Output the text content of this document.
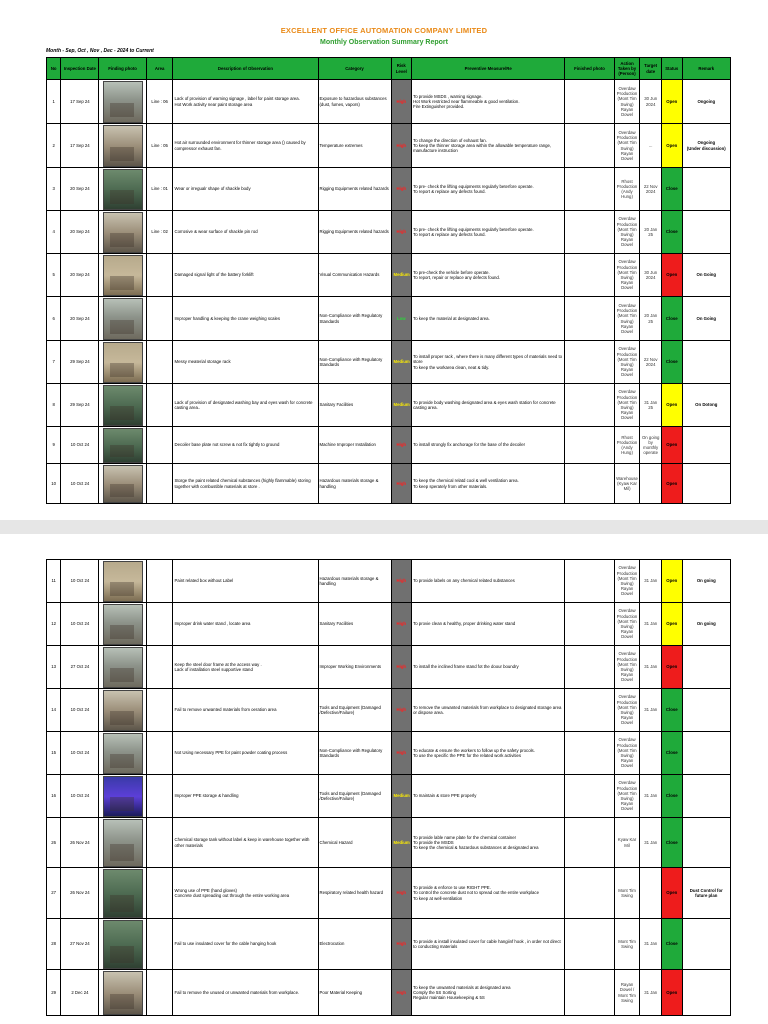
EXCELLENT OFFICE AUTOMATION COMPANY LIMITED
Monthly Observation Summary Report
Month - Sep, Oct , Nov , Dec - 2024 to Current
No	Inspection Date	Finding photo	Area	Description of Observation	Category	Risk Level	Preventive Measure/Re	Finished photo	Action Taken by (Person)	Target date	Status	Remark
1	17 Sep 24		Line : 06	Lack of provision of warning signage , label for paint storage area.
Hot Work activity near paint storage area	Exposure to hazardous substances (dust, fumes, vapors)	High	To provide MSDS , warning signage.
Hot Work restricted near flammeable & good ventilation.
Fire Extinguisher provided.		Overdaw Production (Mont Tim Swing) Rayan Dowel	30 Jun 2024	Open	Ongoing
2	17 Sep 24		Line : 05	Hot air surrounded environment for thinner storage area () caused by compressor exhaust fan.	Temperature extremes	High	To change the direction of exhaust fan.
To keep the thinner storage area within the allowable temperature range, manufacture instruction		Overdaw Production (Mont Tim Swing) Rayan Dowel	...	Open	Ongoing
(Under discussion)
3	20 Sep 24		Line : 01	Wear or irregualr shape of shackle body	Rigging Equipments related hazards	High	To pre- check the lifting equipments regularly beterfore operate.
To report & replace any defects found.		Rhost Production (Andy Hung)	22 Nov 2024	Close	
4	20 Sep 24		Line : 02	Corrosive & wear surface of shackle pin rod	Rigging Equipments related hazards	High	To pre- check the lifting equipments regularly beterfore operate.
To report & replace any defects found.		Overdaw Production (Mont Tim Swing) Rayan Dowel	20 Jan 25	Close	
5	20 Sep 24			Damaged signal light of the battery forklift	Visual Communication Hazards	Medium	To pre-check the vehicle before operate.
To report, repair or replace any defects found.		Overdaw Production (Mont Tim Swing) Rayan Dowel	30 Jun 2024	Open	On Going
6	20 Sep 24			Improper handling & keeping the crane weighing scales	Non-Compliance with Regulatory Standards	Low	To keep the material at designated area.		Overdaw Production (Mont Tim Swing) Rayan Dowel	20 Jan 25	Close	On Going
7	29 Sep 24			Messy meaterial storage rack	Non-Compliance with Regulatory Standards	Medium	To install proper rack , where there is many different types of materials need to store
To keep the workarea clean, neat & tidy.		Overdaw Production (Mont Tim Swing) Rayan Dowel	22 Nov 2024	Close	
8	29 Sep 24			Lack of provision of designated washing bay and eyes wash for concrete casting area..	Sanitary Facilities	Medium	To provide body washing designated area & eyes wash station for concrete casting area.		Overdaw Production (Mont Tim Swing) Rayan Dowel	31 Jan 25	Open	On Dotong
9	10 Oct 24			Decoiler base plate not screw & not fix tightly to ground	Machine Improper Installation	High	To install strongly fix anchorage for the base of the decoiler		Rhost Production (Andy Hung)	On going by monthly operate	Open	
10	10 Oct 24			Storge the paint related chemical substances (highly flammable) storing together with combustible materials at store .	Hazardous materials storage & handling	High	To keep the chemical relatd cool & well ventilation area.
To keep sperately from other materials.		Warehouse (Kyaw Kar Mil)		Open	
11	10 Oct 24			Paint related box without Label	Hazardous materials storage & handling	High	To provide labels on any chemical related substances		Overdaw Production (Mont Tim Swing) Rayan Dowel	31 Jan	Open	On going
12	10 Oct 24			Improper drink water stand , locate area	Sanitary Facilities	High	To provie clean & healthy, proper drinking water stand		Overdaw Production (Mont Tim Swing) Rayan Dowel	31 Jan	Open	On going
13	27 Oct 24			Keep the steel door frame at the access way .
Lack of installation steel supportive stand	Improper Working Environments	High	To install the inclined frame stand fot the doour boundry		Overdaw Production (Mont Tim Swing) Rayan Dowel	31 Jan	Open	
14	10 Oct 24			Fail to remove unwanted materials from oeration area	Tools and Equipment (Damaged /Defective/Failure)	High	To remove the unwanted materials from workplace to designated storage area or dispose area.		Overdaw Production (Mont Tim Swing) Rayan Dowel	31 Jan	Close	
15	10 Oct 24			Not Using necessary PPE for paint powder coating process	Non-Compliance with Regulatory Standards	High	To educate & ensure the workers to follow up the safety procols.
To use the specific the PPE for the related work activities		Overdaw Production (Mont Tim Swing) Rayan Dowel		Close	
16	10 Oct 24			Improper PPE storage & handling	Tools and Equipment (Damaged /Defective/Failure)	Medium	To maintain & store PPE properly		Overdaw Production (Mont Tim Swing) Rayan Dowel	31 Jan	Close	
26	26 Nov 24			Chemical storage tank without label & keep in warehouse together with other materials	Chemical Hazard	Medium	To provide lable name plate for the chemical container
To provide the MSDS
To keep the chemical & hazardous substances at designated area		Kyaw Kar Mil	31 Jan	Close	
27	26 Nov 24			Wrong use of PPE (hand gloves)
Concrete dust spreading out through the entire working area	Respiratory related health hazard	High	To provide & enforce to use RIGHT PPE.
To control the concrete dust not to spread out the entire workplace
To keep at well-ventilation		Mont Tim Swing		Open	Dust Control for future plan
28	27 Nov 24			Fail to use insulated cover for the cable hanging hook	Electrocution	High	To provide & install insulated cover for cable hangiinf hook , in order not direct to conducting materials		Mont Tim Swing	31 Jan	Close	
29	2 Dec 24			Fail to remove the unused or unwanted materials from workplace.	Poor Material Keeping	High	To keep the unwanted materials at designated area
Comply the 5S Sorting
Regular maintain Housekeeping & 5S		Rayan Dowel / Mont Tim Swing	31 Jan	Open	
